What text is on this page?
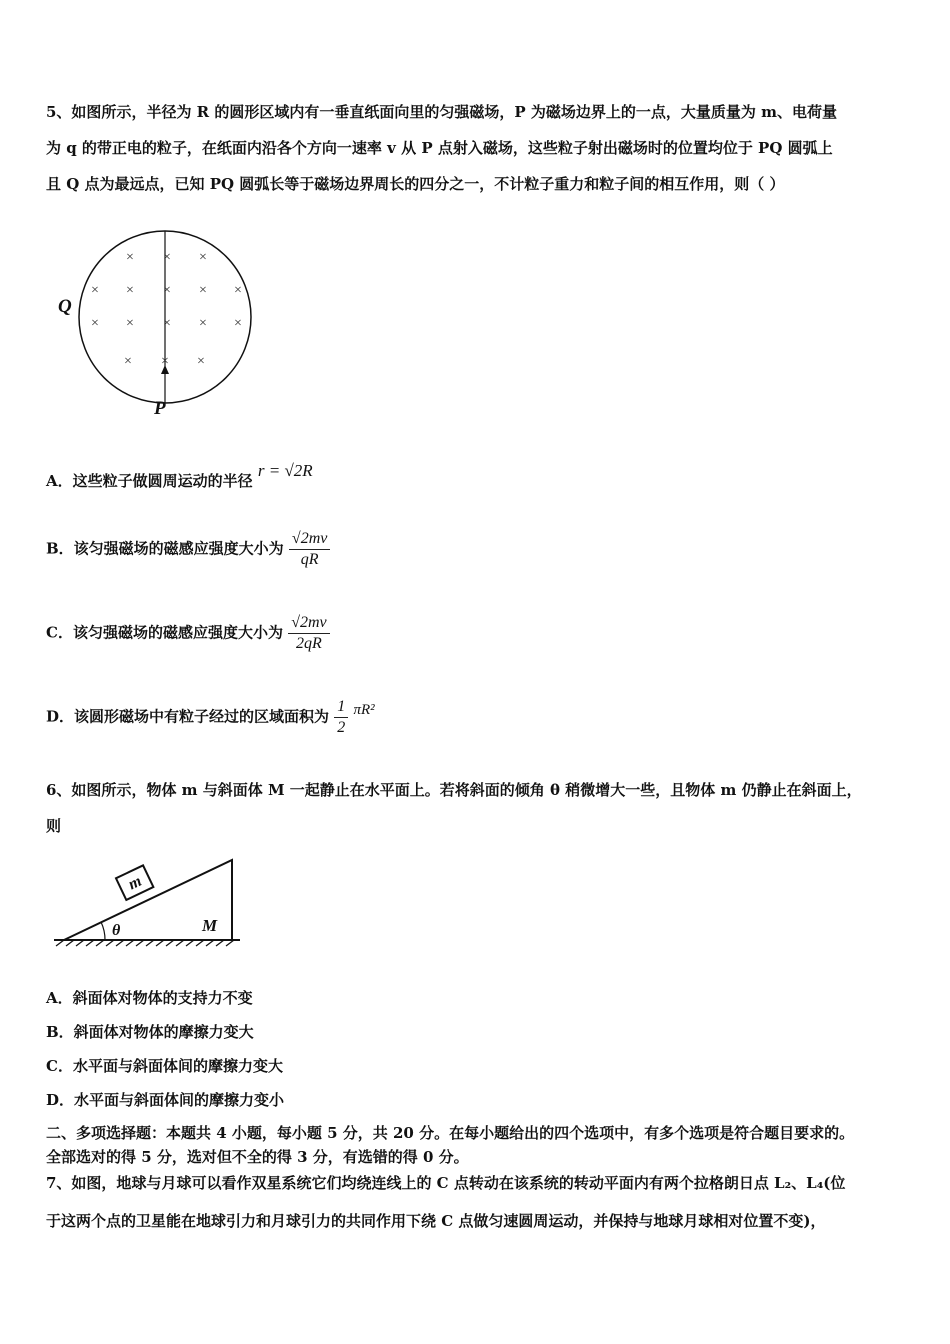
5、如图所示，半径为 R 的圆形区域内有一垂直纸面向里的匀强磁场，P 为磁场边界上的一点，大量质量为 m、电荷量
为 q 的带正电的粒子，在纸面内沿各个方向一速率 v 从 P 点射入磁场，这些粒子射出磁场时的位置均位于 PQ 圆弧上
且 Q 点为最远点，已知 PQ 圆弧长等于磁场边界周长的四分之一，不计粒子重力和粒子间的相互作用，则（ ）
× × ×
× × × × ×
× × × × ×
× × ×
Q
P
A．这些粒子做圆周运动的半径 r = √2R
B．该匀强磁场的磁感应强度大小为 $\frac{√2mv}{qR}$
C．该匀强磁场的磁感应强度大小为 $\frac{√2mv}{2qR}$
D．该圆形磁场中有粒子经过的区域面积为 $\frac{1}{2} \pi R^2$
6、如图所示，物体 m 与斜面体 M 一起静止在水平面上。若将斜面的倾角 θ 稍微增大一些，且物体 m 仍静止在斜面上，
则
m
θ	M
A．斜面体对物体的支持力不变
B．斜面体对物体的摩擦力变大
C．水平面与斜面体间的摩擦力变大
D．水平面与斜面体间的摩擦力变小
二、多项选择题：本题共 4 小题，每小题 5 分，共 20 分。在每小题给出的四个选项中，有多个选项是符合题目要求的。
全部选对的得 5 分，选对但不全的得 3 分，有选错的得 0 分。
7、如图，地球与月球可以看作双星系统它们均绕连线上的 C 点转动在该系统的转动平面内有两个拉格朗日点 L₂、L₄(位
于这两个点的卫星能在地球引力和月球引力的共同作用下绕 C 点做匀速圆周运动，并保持与地球月球相对位置不变)，
